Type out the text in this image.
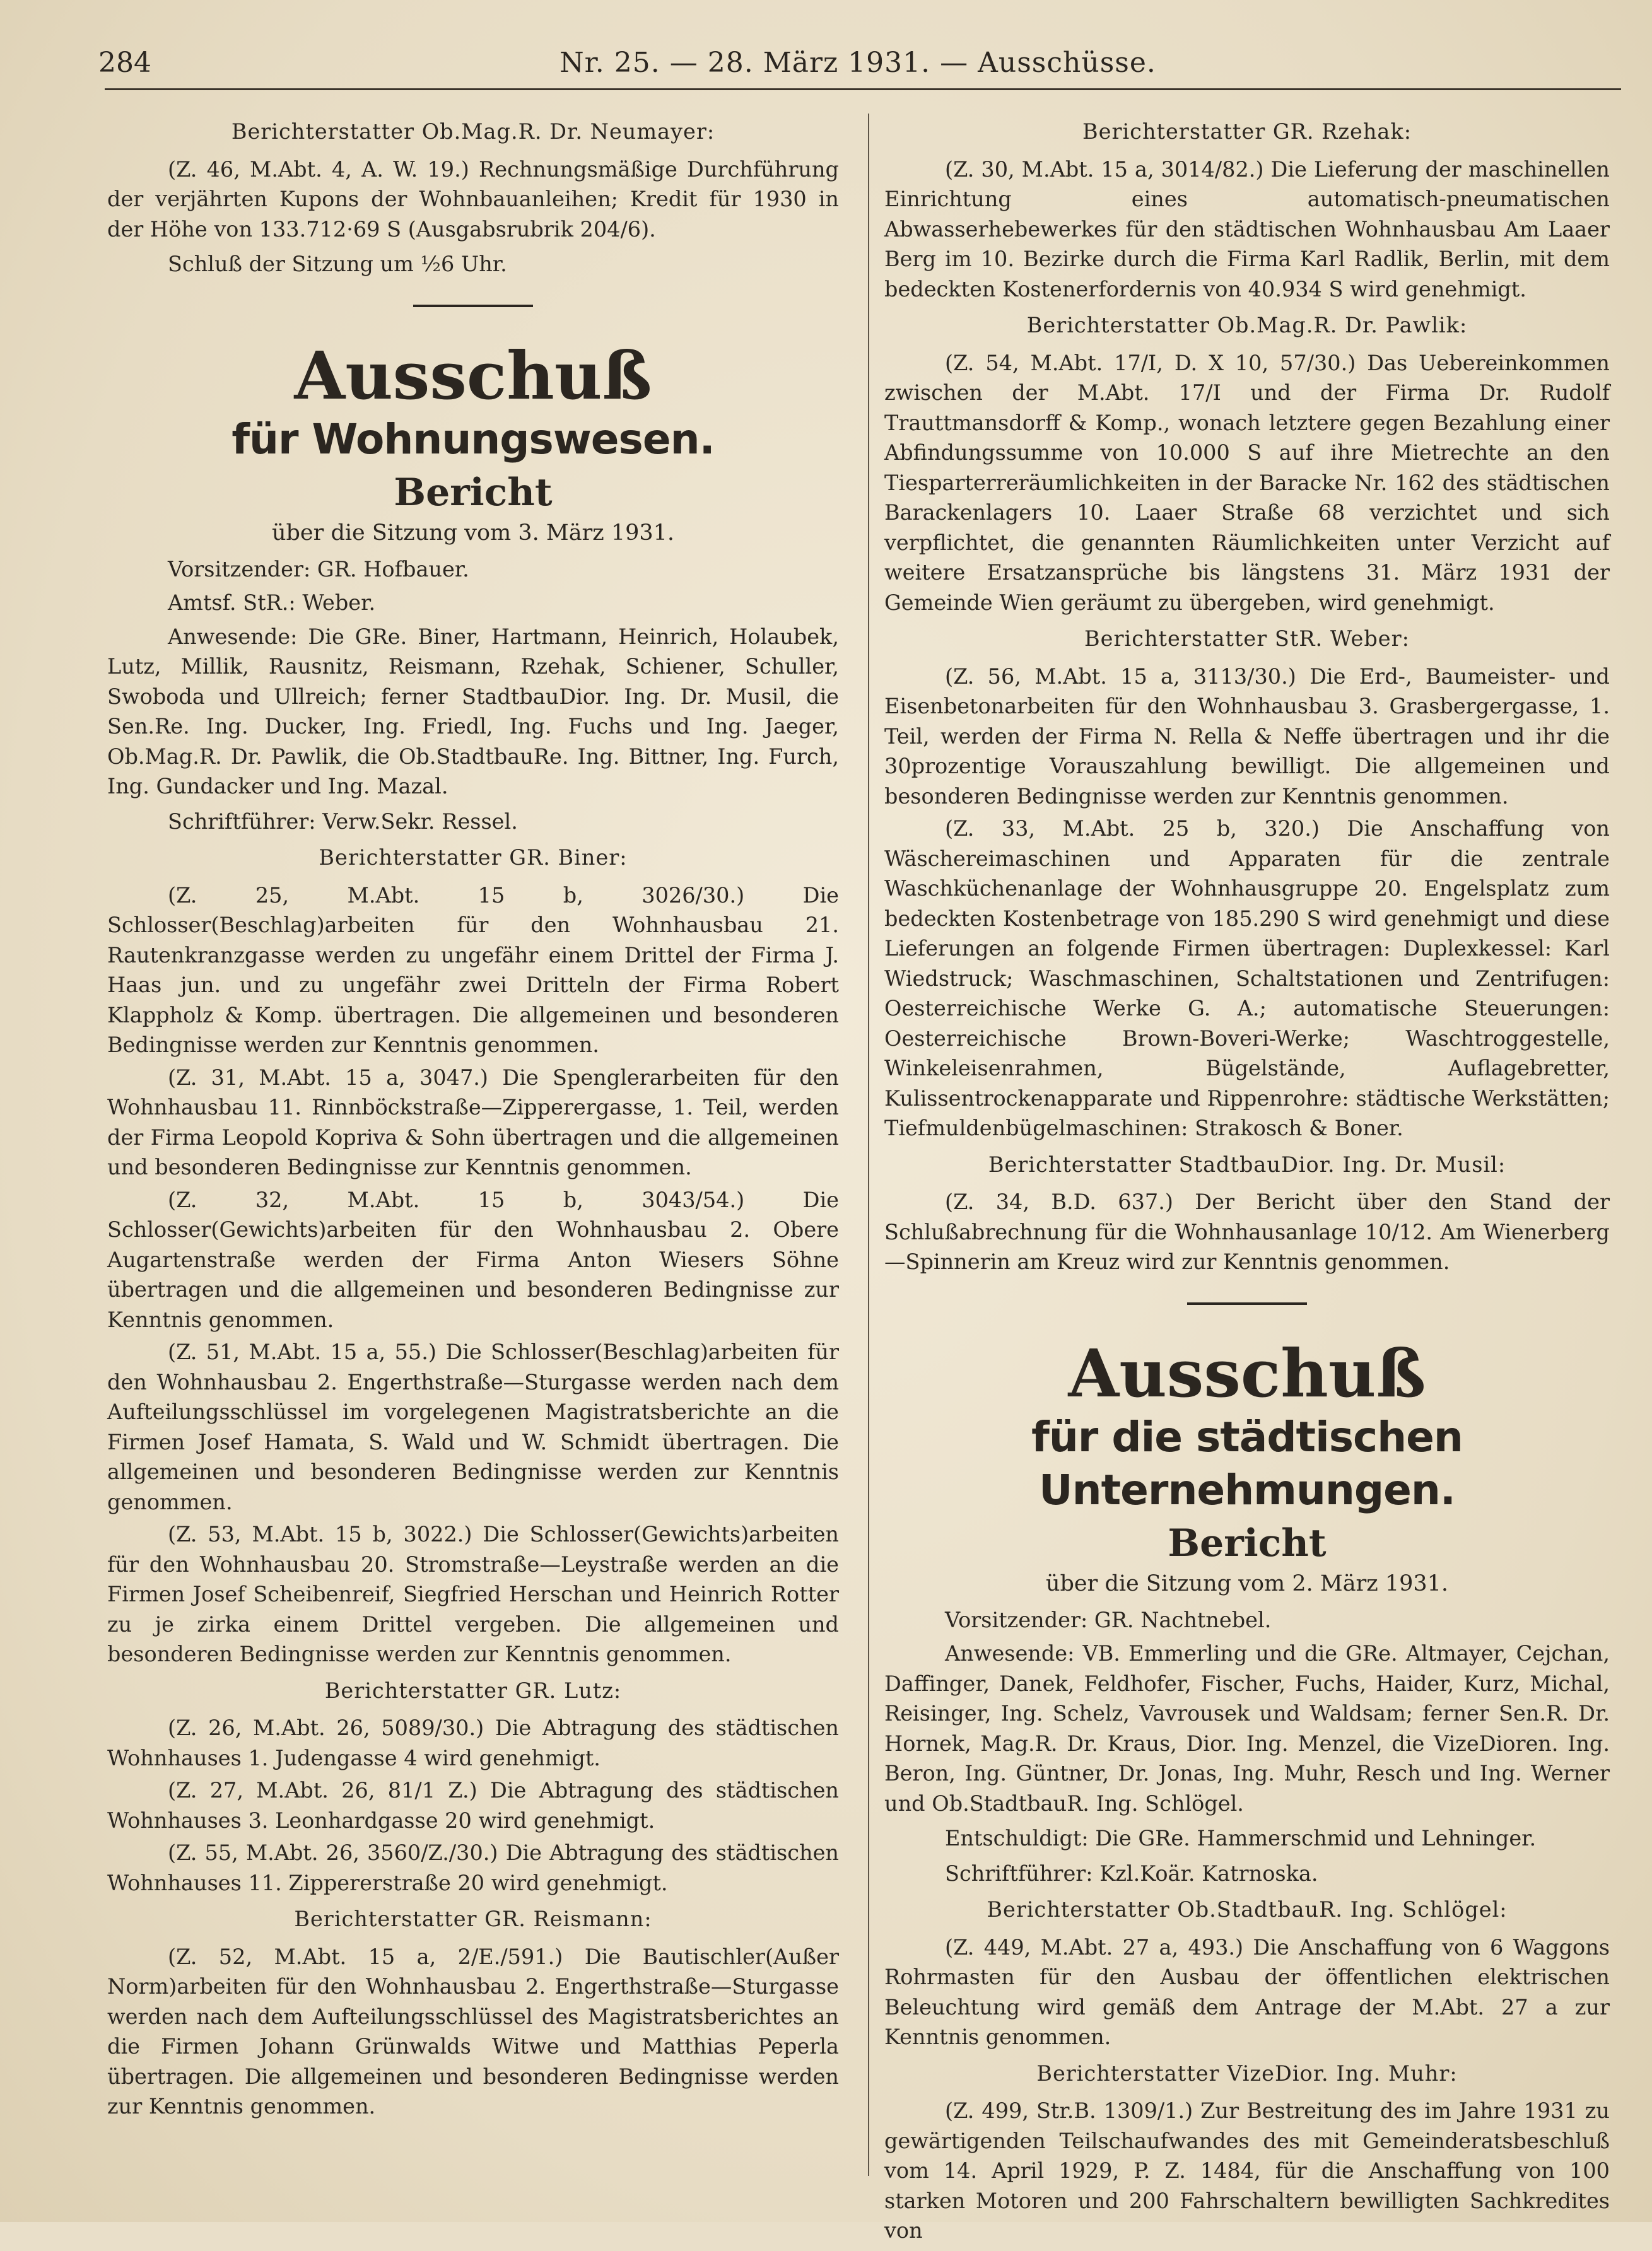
284	Nr. 25. — 28. März 1931. — Ausschüsse.
Berichterstatter Ob.Mag.R. Dr. Neumayer:

(Z. 46, M.Abt. 4, A. W. 19.) Rechnungsmäßige Durchführung der verjährten Kupons der Wohnbauanleihen; Kredit für 1930 in der Höhe von 133.712·69 S (Ausgabsrubrik 204/6).

Schluß der Sitzung um ½6 Uhr.

Ausschuß
für Wohnungswesen.
Bericht
über die Sitzung vom 3. März 1931.

Vorsitzender: GR. Hofbauer.

Amtsf. StR.: Weber.

Anwesende: Die GRe. Biner, Hartmann, Heinrich, Holaubek, Lutz, Millik, Rausnitz, Reismann, Rzehak, Schiener, Schuller, Swoboda und Ullreich; ferner StadtbauDior. Ing. Dr. Musil, die Sen.Re. Ing. Ducker, Ing. Friedl, Ing. Fuchs und Ing. Jaeger, Ob.Mag.R. Dr. Pawlik, die Ob.StadtbauRe. Ing. Bittner, Ing. Furch, Ing. Gundacker und Ing. Mazal.

Schriftführer: Verw.Sekr. Ressel.

Berichterstatter GR. Biner:

(Z. 25, M.Abt. 15 b, 3026/30.) Die Schlosser(Beschlag)arbeiten für den Wohnhausbau 21. Rautenkranzgasse werden zu ungefähr einem Drittel der Firma J. Haas jun. und zu ungefähr zwei Dritteln der Firma Robert Klappholz & Komp. übertragen. Die allgemeinen und besonderen Bedingnisse werden zur Kenntnis genommen.

(Z. 31, M.Abt. 15 a, 3047.) Die Spenglerarbeiten für den Wohnhausbau 11. Rinnböckstraße—Zipperergasse, 1. Teil, werden der Firma Leopold Kopriva & Sohn übertragen und die allgemeinen und besonderen Bedingnisse zur Kenntnis genommen.

(Z. 32, M.Abt. 15 b, 3043/54.) Die Schlosser(Gewichts)arbeiten für den Wohnhausbau 2. Obere Augartenstraße werden der Firma Anton Wiesers Söhne übertragen und die allgemeinen und besonderen Bedingnisse zur Kenntnis genommen.

(Z. 51, M.Abt. 15 a, 55.) Die Schlosser(Beschlag)arbeiten für den Wohnhausbau 2. Engerthstraße—Sturgasse werden nach dem Aufteilungsschlüssel im vorgelegenen Magistratsberichte an die Firmen Josef Hamata, S. Wald und W. Schmidt übertragen. Die allgemeinen und besonderen Bedingnisse werden zur Kenntnis genommen.

(Z. 53, M.Abt. 15 b, 3022.) Die Schlosser(Gewichts)arbeiten für den Wohnhausbau 20. Stromstraße—Leystraße werden an die Firmen Josef Scheibenreif, Siegfried Herschan und Heinrich Rotter zu je zirka einem Drittel vergeben. Die allgemeinen und besonderen Bedingnisse werden zur Kenntnis genommen.

Berichterstatter GR. Lutz:

(Z. 26, M.Abt. 26, 5089/30.) Die Abtragung des städtischen Wohnhauses 1. Judengasse 4 wird genehmigt.

(Z. 27, M.Abt. 26, 81/1 Z.) Die Abtragung des städtischen Wohnhauses 3. Leonhardgasse 20 wird genehmigt.

(Z. 55, M.Abt. 26, 3560/Z./30.) Die Abtragung des städtischen Wohnhauses 11. Zippererstraße 20 wird genehmigt.

Berichterstatter GR. Reismann:

(Z. 52, M.Abt. 15 a, 2/E./591.) Die Bautischler(Außer Norm)arbeiten für den Wohnhausbau 2. Engerthstraße—Sturgasse werden nach dem Aufteilungsschlüssel des Magistratsberichtes an die Firmen Johann Grünwalds Witwe und Matthias Peperla übertragen. Die allgemeinen und besonderen Bedingnisse werden zur Kenntnis genommen.

Berichterstatter GR. Rzehak:

(Z. 30, M.Abt. 15 a, 3014/82.) Die Lieferung der maschinellen Einrichtung eines automatisch-pneumatischen Abwasserhebewerkes für den städtischen Wohnhausbau Am Laaer Berg im 10. Bezirke durch die Firma Karl Radlik, Berlin, mit dem bedeckten Kostenerfordernis von 40.934 S wird genehmigt.

Berichterstatter Ob.Mag.R. Dr. Pawlik:

(Z. 54, M.Abt. 17/I, D. X 10, 57/30.) Das Uebereinkommen zwischen der M.Abt. 17/I und der Firma Dr. Rudolf Trauttmansdorff & Komp., wonach letztere gegen Bezahlung einer Abfindungssumme von 10.000 S auf ihre Mietrechte an den Tiesparterreräumlichkeiten in der Baracke Nr. 162 des städtischen Barackenlagers 10. Laaer Straße 68 verzichtet und sich verpflichtet, die genannten Räumlichkeiten unter Verzicht auf weitere Ersatzansprüche bis längstens 31. März 1931 der Gemeinde Wien geräumt zu übergeben, wird genehmigt.

Berichterstatter StR. Weber:

(Z. 56, M.Abt. 15 a, 3113/30.) Die Erd-, Baumeister- und Eisenbetonarbeiten für den Wohnhausbau 3. Grasbergergasse, 1. Teil, werden der Firma N. Rella & Neffe übertragen und ihr die 30prozentige Vorauszahlung bewilligt. Die allgemeinen und besonderen Bedingnisse werden zur Kenntnis genommen.

(Z. 33, M.Abt. 25 b, 320.) Die Anschaffung von Wäschereimaschinen und Apparaten für die zentrale Waschküchenanlage der Wohnhausgruppe 20. Engelsplatz zum bedeckten Kostenbetrage von 185.290 S wird genehmigt und diese Lieferungen an folgende Firmen übertragen: Duplexkessel: Karl Wiedstruck; Waschmaschinen, Schaltstationen und Zentrifugen: Oesterreichische Werke G. A.; automatische Steuerungen: Oesterreichische Brown-Boveri-Werke; Waschtroggestelle, Winkeleisenrahmen, Bügelstände, Auflagebretter, Kulissentrockenapparate und Rippenrohre: städtische Werkstätten; Tiefmuldenbügelmaschinen: Strakosch & Boner.

Berichterstatter StadtbauDior. Ing. Dr. Musil:

(Z. 34, B.D. 637.) Der Bericht über den Stand der Schlußabrechnung für die Wohnhausanlage 10/12. Am Wienerberg—Spinnerin am Kreuz wird zur Kenntnis genommen.

Ausschuß
für die städtischen Unternehmungen.
Bericht
über die Sitzung vom 2. März 1931.

Vorsitzender: GR. Nachtnebel.

Anwesende: VB. Emmerling und die GRe. Altmayer, Cejchan, Daffinger, Danek, Feldhofer, Fischer, Fuchs, Haider, Kurz, Michal, Reisinger, Ing. Schelz, Vavrousek und Waldsam; ferner Sen.R. Dr. Hornek, Mag.R. Dr. Kraus, Dior. Ing. Menzel, die VizeDioren. Ing. Beron, Ing. Güntner, Dr. Jonas, Ing. Muhr, Resch und Ing. Werner und Ob.StadtbauR. Ing. Schlögel.

Entschuldigt: Die GRe. Hammerschmid und Lehninger.

Schriftführer: Kzl.Koär. Katrnoska.

Berichterstatter Ob.StadtbauR. Ing. Schlögel:

(Z. 449, M.Abt. 27 a, 493.) Die Anschaffung von 6 Waggons Rohrmasten für den Ausbau der öffentlichen elektrischen Beleuchtung wird gemäß dem Antrage der M.Abt. 27 a zur Kenntnis genommen.

Berichterstatter VizeDior. Ing. Muhr:

(Z. 499, Str.B. 1309/1.) Zur Bestreitung des im Jahre 1931 zu gewärtigenden Teilschaufwandes des mit Gemeinderatsbeschluß vom 14. April 1929, P. Z. 1484, für die Anschaffung von 100 starken Motoren und 200 Fahrschaltern bewilligten Sachkredites von
